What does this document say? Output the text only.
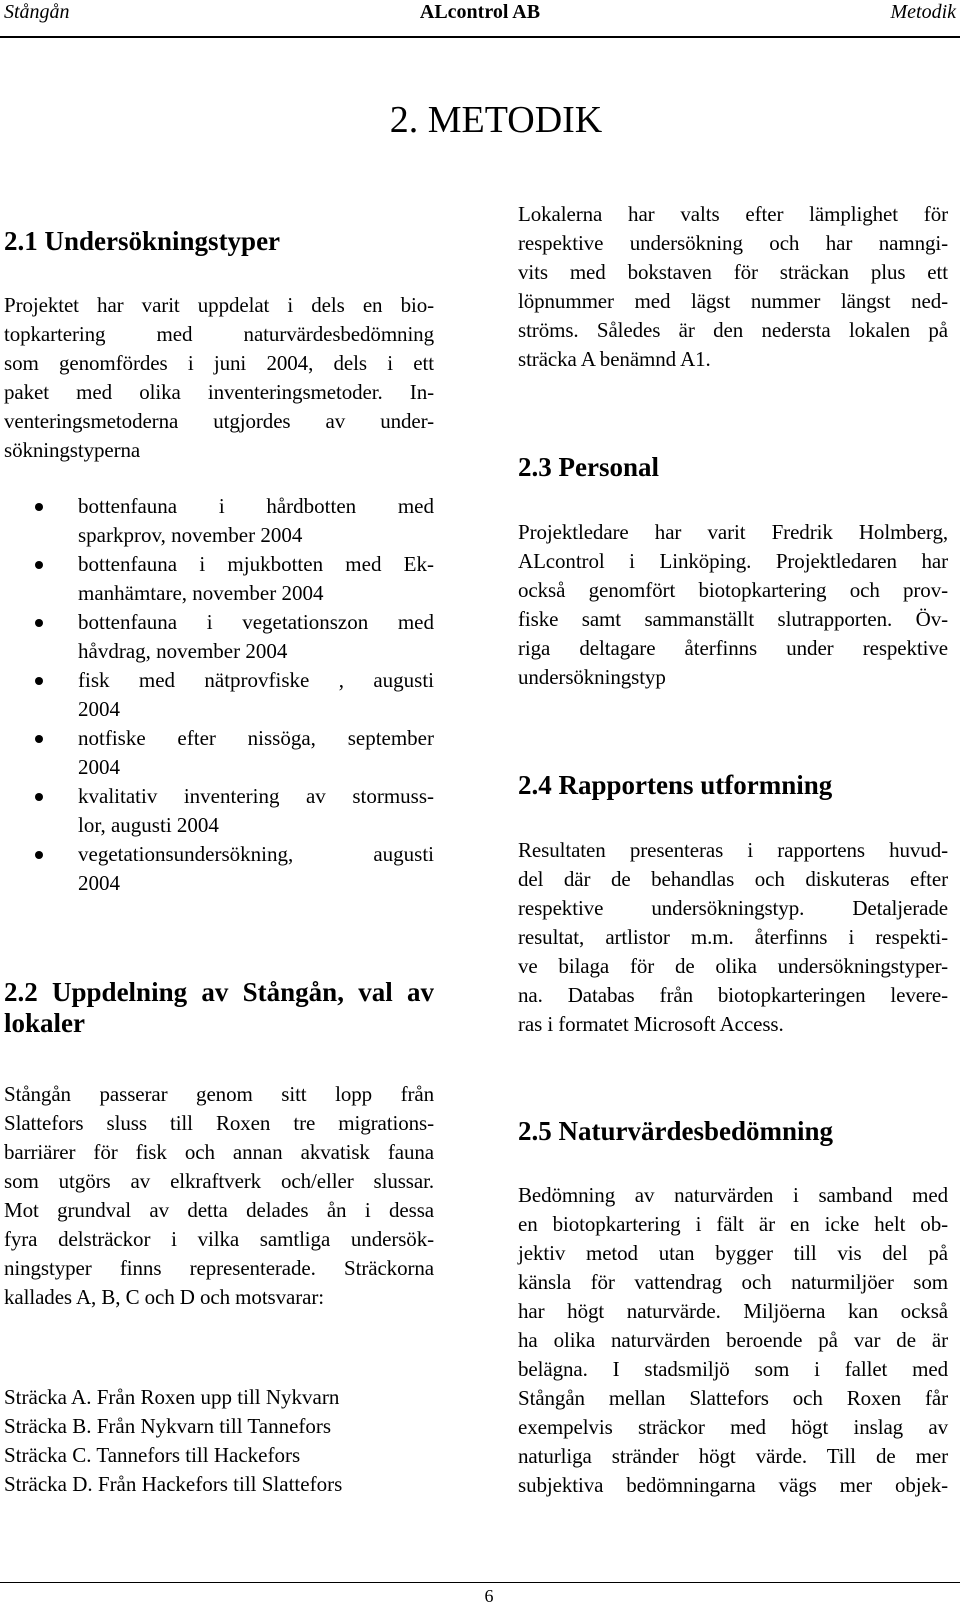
Stångån	ALcontrol AB	Metodik
2. METODIK
2.1 Undersökningstyper
Projektet har varit uppdelat i dels en bio-
topkartering med naturvärdesbedömning
som genomfördes i juni 2004, dels i ett
paket med olika inventeringsmetoder. In-
venteringsmetoderna utgjordes av under-
sökningstyperna
bottenfauna i hårdbotten med
sparkprov, november 2004
bottenfauna i mjukbotten med Ek-
manhämtare, november 2004
bottenfauna i vegetationszon med
håvdrag, november 2004
fisk med nätprovfiske , augusti
2004
notfiske efter nissöga, september
2004
kvalitativ inventering av stormuss-
lor, augusti 2004
vegetationsundersökning, augusti
2004
2.2 Uppdelning av Stångån, val av
lokaler
Stångån passerar genom sitt lopp från
Slattefors sluss till Roxen tre migrations-
barriärer för fisk och annan akvatisk fauna
som utgörs av elkraftverk och/eller slussar.
Mot grundval av detta delades ån i dessa
fyra delsträckor i vilka samtliga undersök-
ningstyper finns representerade. Sträckorna
kallades A, B, C och D och motsvarar:
Sträcka A. Från Roxen upp till Nykvarn
Sträcka B. Från Nykvarn till Tannefors
Sträcka C. Tannefors till Hackefors
Sträcka D. Från Hackefors till Slattefors
Lokalerna har valts efter lämplighet för
respektive undersökning och har namngi-
vits med bokstaven för sträckan plus ett
löpnummer med lägst nummer längst ned-
ströms. Således är den nedersta lokalen på
sträcka A benämnd A1.
2.3 Personal
Projektledare har varit Fredrik Holmberg,
ALcontrol i Linköping. Projektledaren har
också genomfört biotopkartering och prov-
fiske samt sammanställt slutrapporten. Öv-
riga deltagare återfinns under respektive
undersökningstyp
2.4 Rapportens utformning
Resultaten presenteras i rapportens huvud-
del där de behandlas och diskuteras efter
respektive undersökningstyp. Detaljerade
resultat, artlistor m.m. återfinns i respekti-
ve bilaga för de olika undersökningstyper-
na. Databas från biotopkarteringen levere-
ras i formatet Microsoft Access.
2.5 Naturvärdesbedömning
Bedömning av naturvärden i samband med
en biotopkartering i fält är en icke helt ob-
jektiv metod utan bygger till vis del på
känsla för vattendrag och naturmiljöer som
har högt naturvärde. Miljöerna kan också
ha olika naturvärden beroende på var de är
belägna. I stadsmiljö som i fallet med
Stångån mellan Slattefors och Roxen får
exempelvis sträckor med högt inslag av
naturliga stränder högt värde. Till de mer
subjektiva bedömningarna vägs mer objek-
6
